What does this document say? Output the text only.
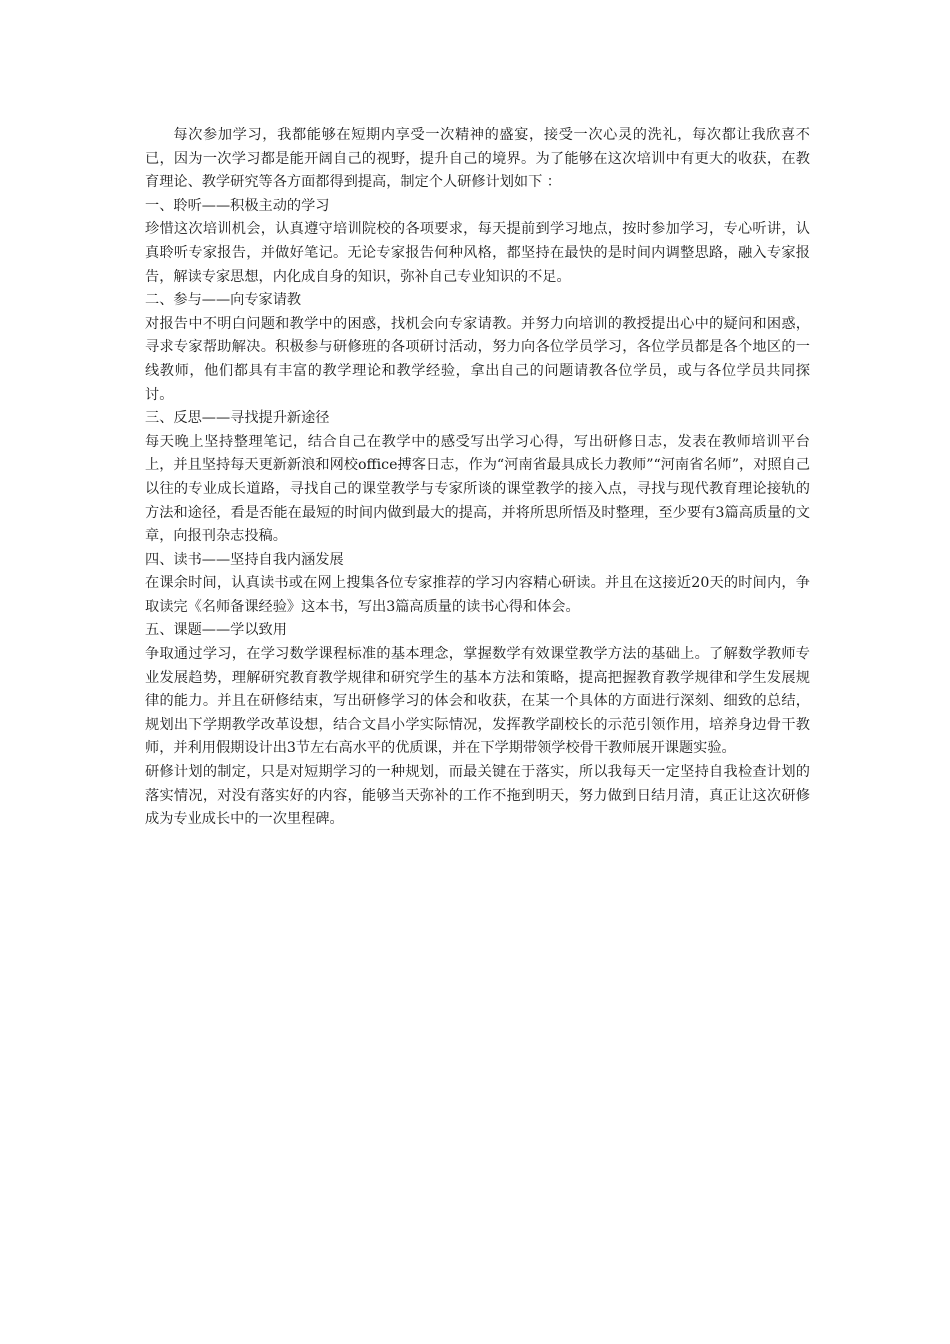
每次参加学习，我都能够在短期内享受一次精神的盛宴，接受一次心灵的洗礼，每次都让我欣喜不已，因为一次学习都是能开阔自己的视野，提升自己的境界。为了能够在这次培训中有更大的收获，在教育理论、教学研究等各方面都得到提高，制定个人研修计划如下 ：

一、聆听——积极主动的学习

珍惜这次培训机会，认真遵守培训院校的各项要求，每天提前到学习地点，按时参加学习，专心听讲，认真聆听专家报告，并做好笔记。无论专家报告何种风格，都坚持在最快的是时间内调整思路，融入专家报告，解读专家思想，内化成自身的知识，弥补自己专业知识的不足。

二、参与——向专家请教

对报告中不明白问题和教学中的困惑，找机会向专家请教。并努力向培训的教授提出心中的疑问和困惑，寻求专家帮助解决。积极参与研修班的各项研讨活动，努力向各位学员学习，各位学员都是各个地区的一线教师，他们都具有丰富的教学理论和教学经验，拿出自己的问题请教各位学员，或与各位学员共同探讨。

三、反思——寻找提升新途径

每天晚上坚持整理笔记，结合自己在教学中的感受写出学习心得，写出研修日志，发表在教师培训平台上，并且坚持每天更新新浪和网校office搏客日志，作为“河南省最具成长力教师”“河南省名师”，对照自己以往的专业成长道路，寻找自己的课堂教学与专家所谈的课堂教学的接入点，寻找与现代教育理论接轨的方法和途径，看是否能在最短的时间内做到最大的提高，并将所思所悟及时整理，至少要有3篇高质量的文章，向报刊杂志投稿。

四、读书——坚持自我内涵发展

在课余时间，认真读书或在网上搜集各位专家推荐的学习内容精心研读。并且在这接近20天的时间内，争取读完《名师备课经验》这本书，写出3篇高质量的读书心得和体会。

五、课题——学以致用

争取通过学习，在学习数学课程标准的基本理念，掌握数学有效课堂教学方法的基础上。了解数学教师专业发展趋势，理解研究教育教学规律和研究学生的基本方法和策略，提高把握教育教学规律和学生发展规律的能力。并且在研修结束，写出研修学习的体会和收获，在某一个具体的方面进行深刻、细致的总结，规划出下学期教学改革设想，结合文昌小学实际情况，发挥教学副校长的示范引领作用，培养身边骨干教师，并利用假期设计出3节左右高水平的优质课，并在下学期带领学校骨干教师展开课题实验。

研修计划的制定，只是对短期学习的一种规划，而最关键在于落实，所以我每天一定坚持自我检查计划的落实情况，对没有落实好的内容，能够当天弥补的工作不拖到明天，努力做到日结月清，真正让这次研修成为专业成长中的一次里程碑。
